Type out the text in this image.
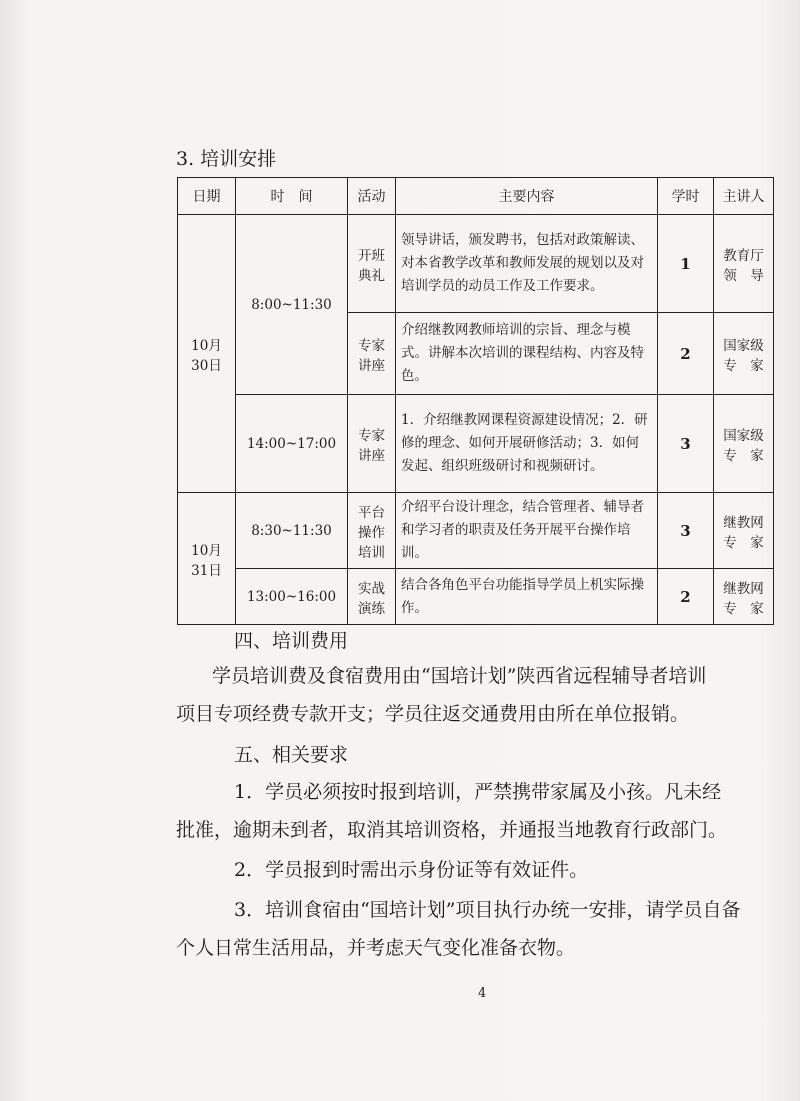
3. 培训安排
日期	时　间	活动	主要内容	学时	主讲人
10月30日	8:00~11:30	开班典礼	领导讲话，颁发聘书，包括对政策解读、对本省教学改革和教师发展的规划以及对培训学员的动员工作及工作要求。	1	教育厅领　导
		专家讲座	介绍继教网教师培训的宗旨、理念与模式。讲解本次培训的课程结构、内容及特色。	2	国家级专　家
	14:00~17:00	专家讲座	1．介绍继教网课程资源建设情况；2．研修的理念、如何开展研修活动；3．如何发起、组织班级研讨和视频研讨。	3	国家级专　家
10月31日	8:30~11:30	平台操作培训	介绍平台设计理念，结合管理者、辅导者和学习者的职责及任务开展平台操作培训。	3	继教网专　家
	13:00~16:00	实战演练	结合各角色平台功能指导学员上机实际操作。	2	继教网专　家
四、培训费用
学员培训费及食宿费用由“国培计划”陕西省远程辅导者培训
项目专项经费专款开支；学员往返交通费用由所在单位报销。
五、相关要求
1．学员必须按时报到培训，严禁携带家属及小孩。凡未经
批准，逾期未到者，取消其培训资格，并通报当地教育行政部门。
2．学员报到时需出示身份证等有效证件。
3．培训食宿由“国培计划”项目执行办统一安排，请学员自备
个人日常生活用品，并考虑天气变化准备衣物。
4
